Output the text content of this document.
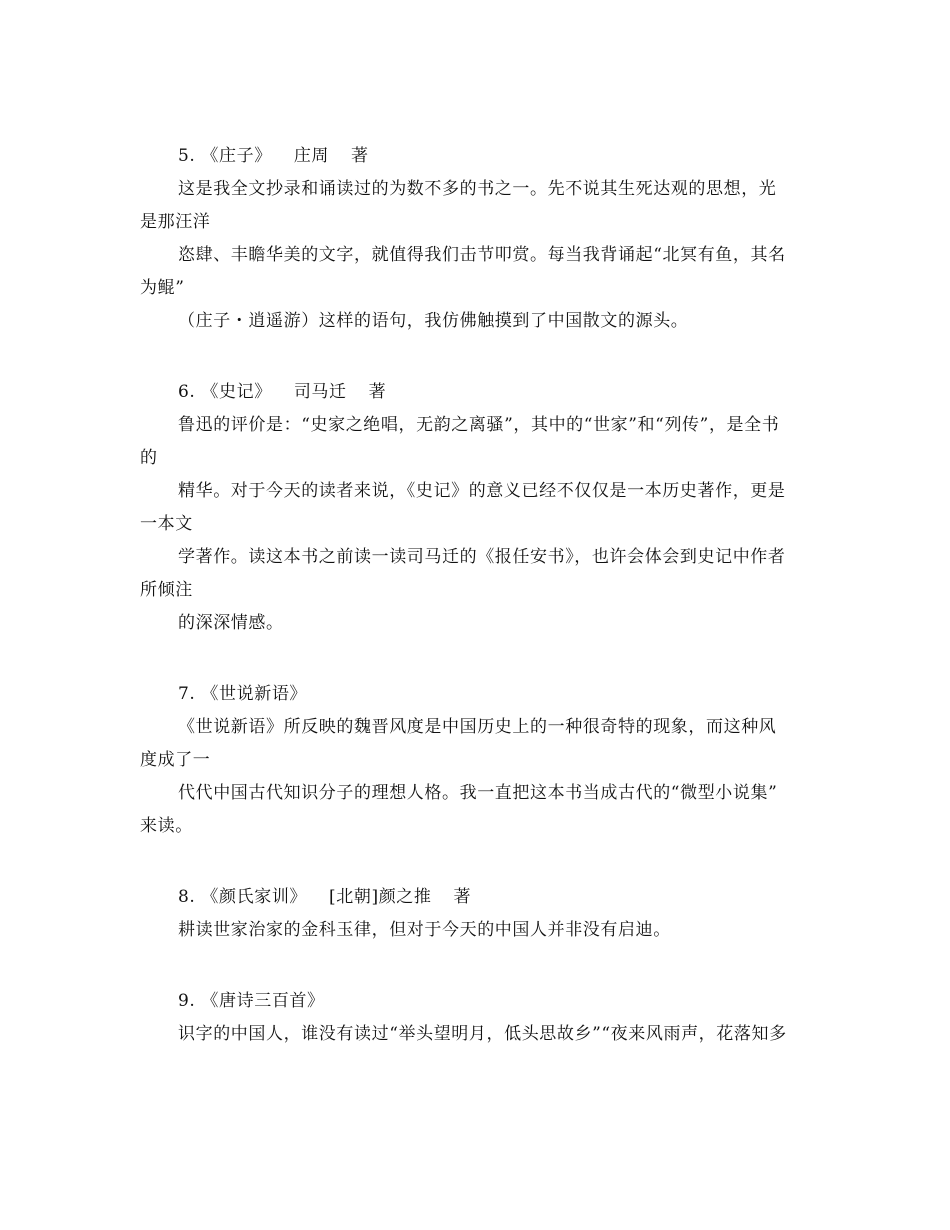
5. 《庄子》 庄周 著
这是我全文抄录和诵读过的为数不多的书之一。先不说其生死达观的思想，光
是那汪洋
恣肆、丰瞻华美的文字，就值得我们击节叩赏。每当我背诵起“北冥有鱼，其名
为鲲”
（庄子・逍遥游）这样的语句，我仿佛触摸到了中国散文的源头。
6. 《史记》 司马迁 著
鲁迅的评价是：“史家之绝唱，无韵之离骚”，其中的“世家”和“列传”，是全书
的
精华。对于今天的读者来说，《史记》的意义已经不仅仅是一本历史著作，更是
一本文
学著作。读这本书之前读一读司马迁的《报任安书》，也许会体会到史记中作者
所倾注
的深深情感。
7. 《世说新语》
《世说新语》所反映的魏晋风度是中国历史上的一种很奇特的现象，而这种风
度成了一
代代中国古代知识分子的理想人格。我一直把这本书当成古代的“微型小说集”
来读。
8. 《颜氏家训》 [北朝]颜之推 著
耕读世家治家的金科玉律，但对于今天的中国人并非没有启迪。
9. 《唐诗三百首》
识字的中国人，谁没有读过“举头望明月，低头思故乡”“夜来风雨声，花落知多
